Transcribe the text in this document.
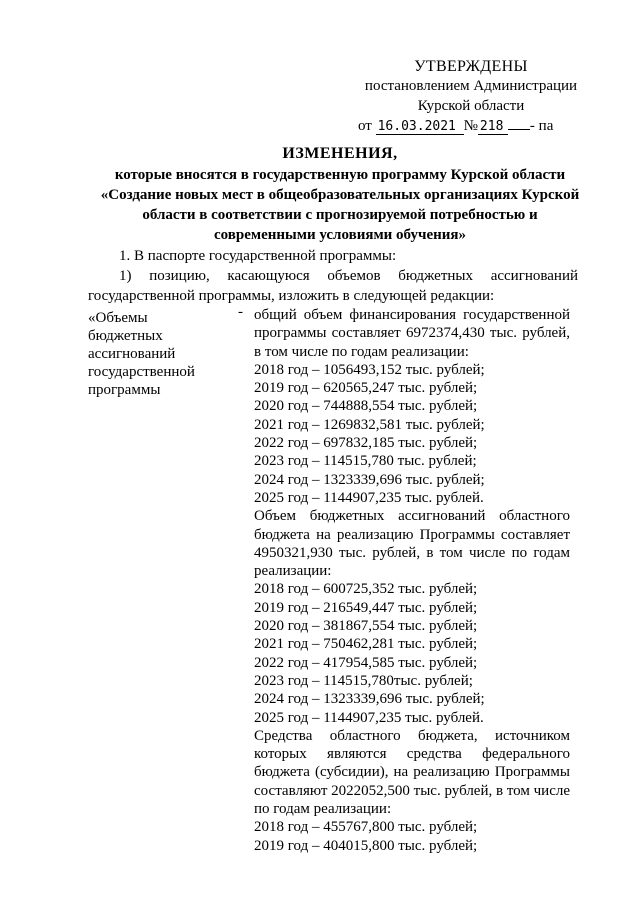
УТВЕРЖДЕНЫ
постановлением Администрации
Курской области
от 16.03.2021 № 218 - па
ИЗМЕНЕНИЯ,
которые вносятся в государственную программу Курской области
«Создание новых мест в общеобразовательных организациях Курской
области в соответствии с прогнозируемой потребностью и
современными условиями обучения»
1. В паспорте государственной программы:
1) позицию, касающуюся объемов бюджетных ассигнований
государственной программы, изложить в следующей редакции:
«Объемы
бюджетных
ассигнований
государственной
программы
- общий объем финансирования государственной программы составляет 6972374,430 тыс. рублей, в том числе по годам реализации:
2018 год – 1056493,152 тыс. рублей;
2019 год – 620565,247 тыс. рублей;
2020 год – 744888,554 тыс. рублей;
2021 год – 1269832,581 тыс. рублей;
2022 год – 697832,185 тыс. рублей;
2023 год – 114515,780 тыс. рублей;
2024 год – 1323339,696 тыс. рублей;
2025 год – 1144907,235 тыс. рублей.
Объем бюджетных ассигнований областного бюджета на реализацию Программы составляет 4950321,930 тыс. рублей, в том числе по годам реализации:
2018 год – 600725,352 тыс. рублей;
2019 год – 216549,447 тыс. рублей;
2020 год – 381867,554 тыс. рублей;
2021 год – 750462,281 тыс. рублей;
2022 год – 417954,585 тыс. рублей;
2023 год – 114515,780тыс. рублей;
2024 год – 1323339,696 тыс. рублей;
2025 год – 1144907,235 тыс. рублей.
Средства областного бюджета, источником которых являются средства федерального бюджета (субсидии), на реализацию Программы составляют 2022052,500 тыс. рублей, в том числе по годам реализации:
2018 год – 455767,800 тыс. рублей;
2019 год – 404015,800 тыс. рублей;
